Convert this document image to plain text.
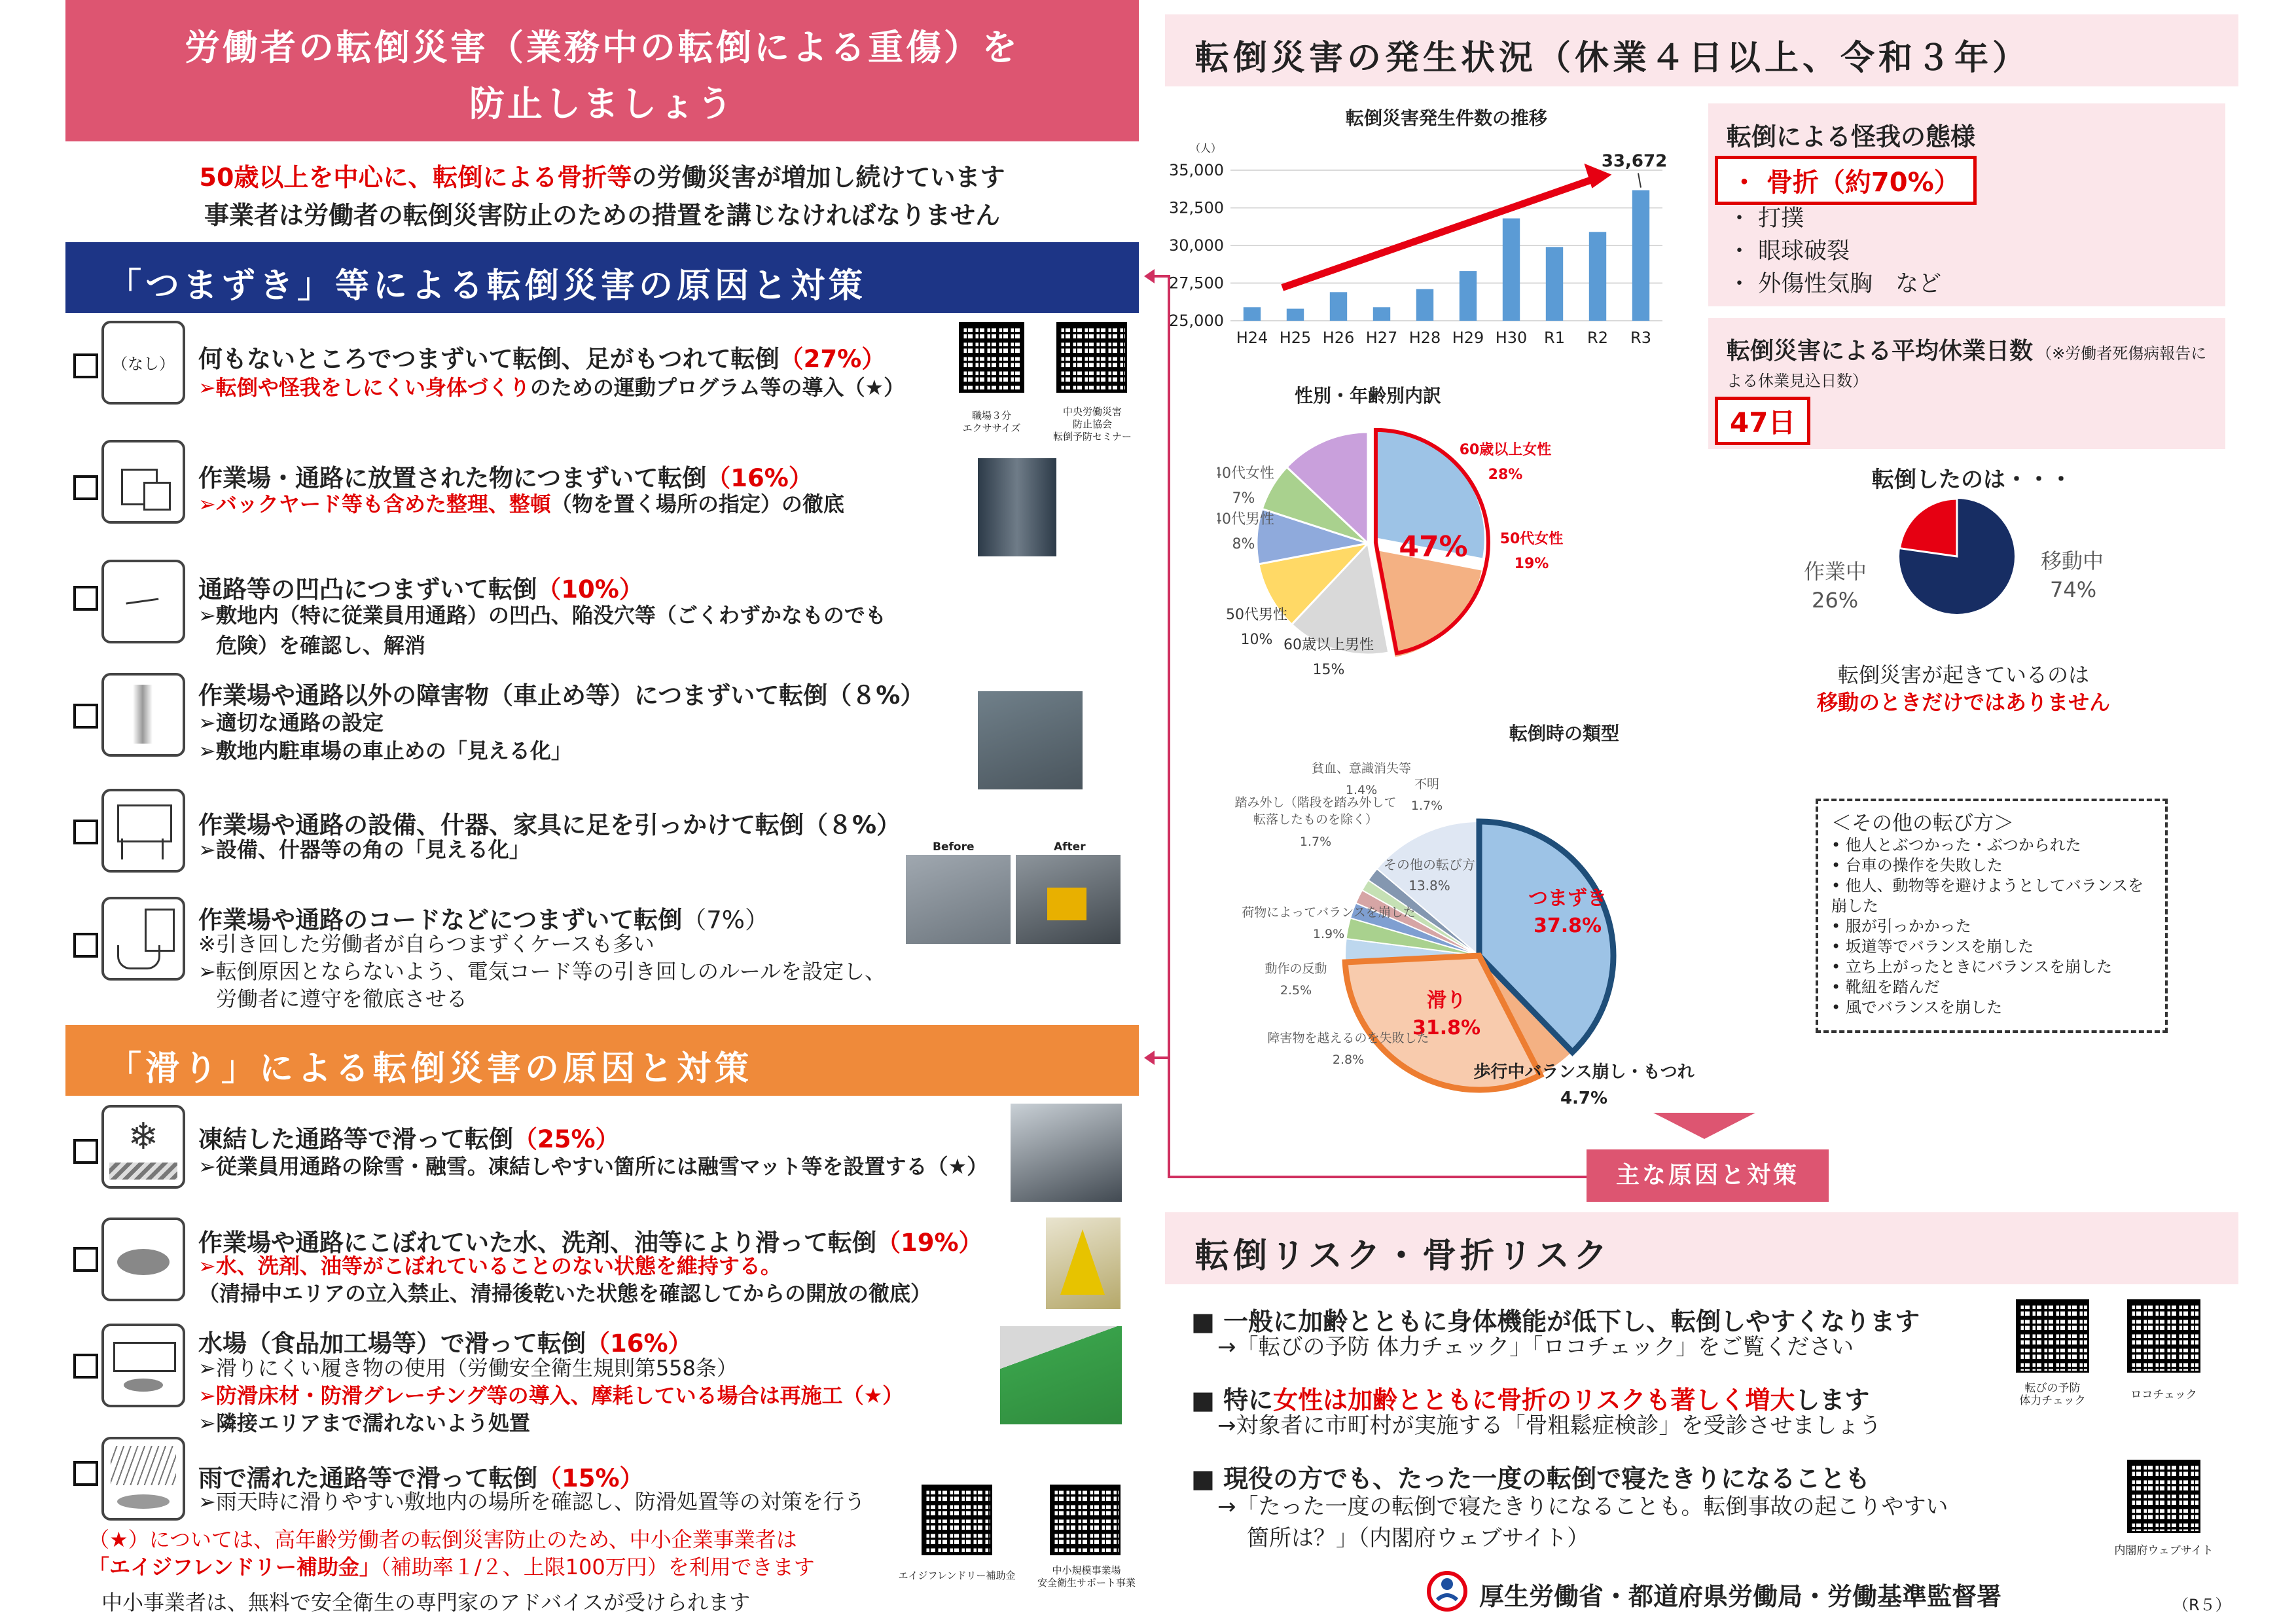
労働者の転倒災害（業務中の転倒による重傷）を
防止しましょう
50歳以上を中心に、転倒による骨折等の労働災害が増加し続けています
事業者は労働者の転倒災害防止のための措置を講じなければなりません
「つまずき」等による転倒災害の原因と対策
（なし） 何もないところでつまずいて転倒、足がもつれて転倒（27%）
➢転倒や怪我をしにくい身体づくりのための運動プログラム等の導入（★）
職場３分
エクササイズ
中央労働災害
防止協会
転倒予防セミナー
作業場・通路に放置された物につまずいて転倒（16%）
➢バックヤード等も含めた整理、整頓（物を置く場所の指定）の徹底
通路等の凹凸につまずいて転倒（10%）
➢敷地内（特に従業員用通路）の凹凸、陥没穴等（ごくわずかなものでも
危険）を確認し、解消
作業場や通路以外の障害物（車止め等）につまずいて転倒（８%）
➢適切な通路の設定
➢敷地内駐車場の車止めの「見える化」
作業場や通路の設備、什器、家具に足を引っかけて転倒（８%）
➢設備、什器等の角の「見える化」	Before	After
作業場や通路のコードなどにつまずいて転倒（7%）
※引き回した労働者が自らつまずくケースも多い
➢転倒原因とならないよう、電気コード等の引き回しのルールを設定し、
労働者に遵守を徹底させる
「滑り」による転倒災害の原因と対策
❄	凍結した通路等で滑って転倒（25%）
➢従業員用通路の除雪・融雪。凍結しやすい箇所には融雪マット等を設置する（★）
作業場や通路にこぼれていた水、洗剤、油等により滑って転倒（19%）
➢水、洗剤、油等がこぼれていることのない状態を維持する。
（清掃中エリアの立入禁止、清掃後乾いた状態を確認してからの開放の徹底）
水場（食品加工場等）で滑って転倒（16%）
➢滑りにくい履き物の使用（労働安全衛生規則第558条）
➢防滑床材・防滑グレーチング等の導入、摩耗している場合は再施工（★）
➢隣接エリアまで濡れないよう処置
雨で濡れた通路等で滑って転倒（15%）
➢雨天時に滑りやすい敷地内の場所を確認し、防滑処置等の対策を行う
エイジフレンドリー補助金	中小規模事業場
安全衛生サポート事業
（★）については、高年齢労働者の転倒災害防止のため、中小企業事業者は
「エイジフレンドリー補助金」（補助率１/２、上限100万円）を利用できます
中小事業者は、無料で安全衛生の専門家のアドバイスが受けられます
転倒災害の発生状況（休業４日以上、令和３年）
転倒災害発生件数の推移
（人）
25,000
27,500
30,000
32,500
35,000
H24 H25 H26 H27 H28 H29 H30 R1 R2 R3
33,672
転倒による怪我の態様
・ 骨折（約70%）
・ 打撲
・ 眼球破裂
・ 外傷性気胸　など
転倒災害による平均休業日数 （※労働者死傷病報告による休業見込日数）
47日
転倒したのは・・・
作業中
26%
移動中
74%
転倒災害が起きているのは
移動のときだけではありません
性別・年齢別内訳
47%
60歳以上女性
28%
50代女性
19%
60歳以上男性
15%
50代男性
10%
40代男性
8%
40代女性
7%
転倒時の類型
つまずき
37.8%
滑り
31.8%
その他の転び方
13.8%
歩行中バランス崩し・もつれ
4.7%
障害物を越えるのを失敗した
2.8%
動作の反動
2.5%
荷物によってバランスを崩した
1.9%
踏み外し（階段を踏み外して
転落したものを除く）
1.7%
貧血、意識消失等
1.4%	不明
1.7%
＜その他の転び方＞
• 他人とぶつかった・ぶつかられた
• 台車の操作を失敗した
• 他人、動物等を避けようとしてバランスを崩した
• 服が引っかかった
• 坂道等でバランスを崩した
• 立ち上がったときにバランスを崩した
• 靴紐を踏んだ
• 風でバランスを崩した
主な原因と対策
転倒リスク・骨折リスク
■ 一般に加齢とともに身体機能が低下し、転倒しやすくなります
→「転びの予防 体力チェック」「ロコチェック」をご覧ください
■ 特に女性は加齢とともに骨折のリスクも著しく増大します
→対象者に市町村が実施する「骨粗鬆症検診」を受診させましょう
■ 現役の方でも、たった一度の転倒で寝たきりになることも
→「たった一度の転倒で寝たきりになることも。転倒事故の起こりやすい
箇所は？」（内閣府ウェブサイト）
転びの予防
体力チェック	ロコチェック
内閣府ウェブサイト
厚生労働省・都道府県労働局・労働基準監督署	（R５）
